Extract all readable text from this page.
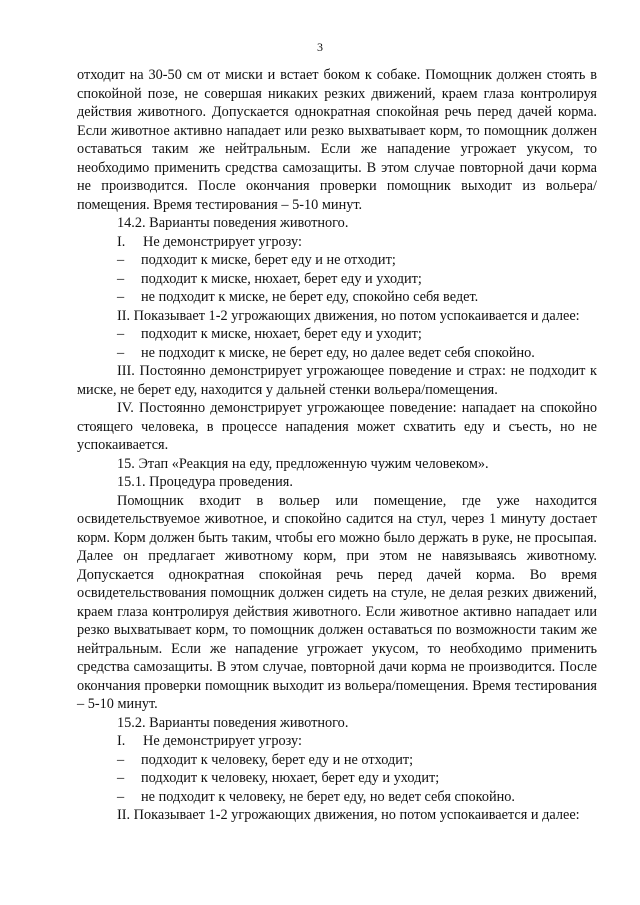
3

отходит на 30-50 см от миски и встает боком к собаке. Помощник должен стоять в спокойной позе, не совершая никаких резких движений, краем глаза контролируя действия животного. Допускается однократная спокойная речь перед дачей корма. Если животное активно нападает или резко выхватывает корм, то помощник должен оставаться таким же нейтральным. Если же нападение угрожает укусом, то необходимо применить средства самозащиты. В этом случае повторной дачи корма не производится. После окончания проверки помощник выходит из вольера/помещения. Время тестирования – 5-10 минут.

14.2. Варианты поведения животного.

I. Не демонстрирует угрозу:

–	подходит к миске, берет еду и не отходит;

–	подходит к миске, нюхает, берет еду и уходит;

–	не подходит к миске, не берет еду, спокойно себя ведет.

II. Показывает 1-2 угрожающих движения, но потом успокаивается и далее:

–	подходит к миске, нюхает, берет еду и уходит;

–	не подходит к миске, не берет еду, но далее ведет себя спокойно.

III. Постоянно демонстрирует угрожающее поведение и страх: не подходит к миске, не берет еду, находится у дальней стенки вольера/помещения.

IV. Постоянно демонстрирует угрожающее поведение: нападает на спокойно стоящего человека, в процессе нападения может схватить еду и съесть, но не успокаивается.

15. Этап «Реакция на еду, предложенную чужим человеком».

15.1. Процедура проведения.

Помощник входит в вольер или помещение, где уже находится освидетельствуемое животное, и спокойно садится на стул, через 1 минуту достает корм. Корм должен быть таким, чтобы его можно было держать в руке, не просыпая. Далее он предлагает животному корм, при этом не навязываясь животному. Допускается однократная спокойная речь перед дачей корма. Во время освидетельствования помощник должен сидеть на стуле, не делая резких движений, краем глаза контролируя действия животного. Если животное активно нападает или резко выхватывает корм, то помощник должен оставаться по возможности таким же нейтральным. Если же нападение угрожает укусом, то необходимо применить средства самозащиты. В этом случае, повторной дачи корма не производится. После окончания проверки помощник выходит из вольера/помещения. Время тестирования – 5-10 минут.

15.2. Варианты поведения животного.

I. Не демонстрирует угрозу:

–	подходит к человеку, берет еду и не отходит;

–	подходит к человеку, нюхает, берет еду и уходит;

–	не подходит к человеку, не берет еду, но ведет себя спокойно.

II. Показывает 1-2 угрожающих движения, но потом успокаивается и далее:
